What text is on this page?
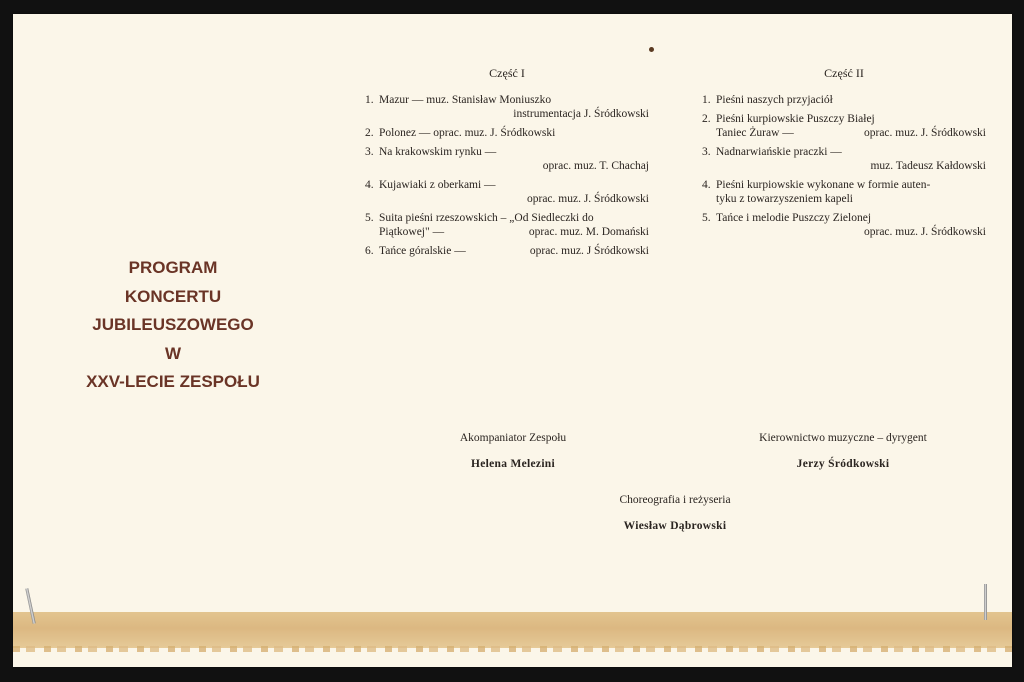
PROGRAM
KONCERTU
JUBILEUSZOWEGO
W
XXV-LECIE ZESPOŁU
Część I
1. Mazur — muz. Stanisław Moniuszko
instrumentacja J. Śródkowski
2. Polonez — oprac. muz. J. Śródkowski
3. Na krakowskim rynku —
oprac. muz. T. Chachaj
4. Kujawiaki z oberkami —
oprac. muz. J. Śródkowski
5. Suita pieśni rzeszowskich – „Od Siedleczki do
Piątkowej" —	oprac. muz. M. Domański
6. Tańce góralskie —	oprac. muz. J Śródkowski
Część II
1. Pieśni naszych przyjaciół
2. Pieśni kurpiowskie Puszczy Białej
Taniec Żuraw —	oprac. muz. J. Śródkowski
3. Nadnarwiańskie praczki —
muz. Tadeusz Kałdowski
4. Pieśni kurpiowskie wykonane w formie auten-
tyku z towarzyszeniem kapeli
5. Tańce i melodie Puszczy Zielonej
oprac. muz. J. Śródkowski
Akompaniator Zespołu
Helena Melezini
Kierownictwo muzyczne – dyrygent
Jerzy Śródkowski
Choreografia i reżyseria
Wiesław Dąbrowski
